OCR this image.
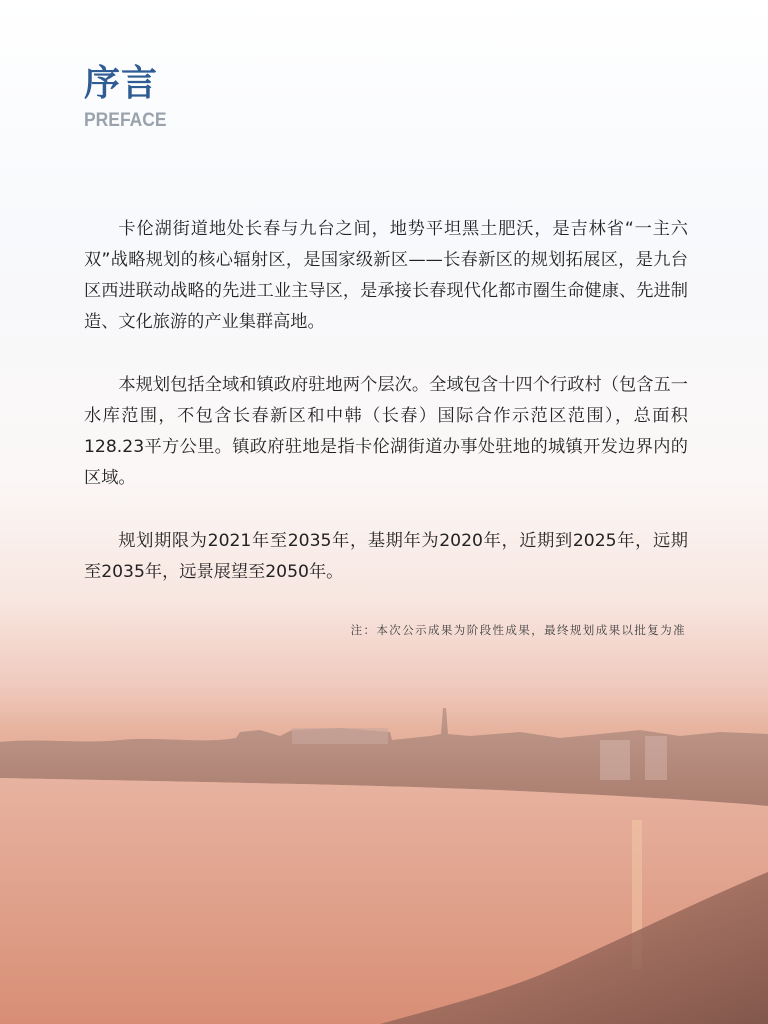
序言
PREFACE

卡伦湖街道地处长春与九台之间，地势平坦黑土肥沃，是吉林省“一主六双”战略规划的核心辐射区，是国家级新区——长春新区的规划拓展区，是九台区西进联动战略的先进工业主导区，是承接长春现代化都市圈生命健康、先进制造、文化旅游的产业集群高地。

本规划包括全域和镇政府驻地两个层次。全域包含十四个行政村（包含五一水库范围，不包含长春新区和中韩（长春）国际合作示范区范围），总面积128.23平方公里。镇政府驻地是指卡伦湖街道办事处驻地的城镇开发边界内的区域。

规划期限为2021年至2035年，基期年为2020年，近期到2025年，远期至2035年，远景展望至2050年。

注：本次公示成果为阶段性成果，最终规划成果以批复为准
